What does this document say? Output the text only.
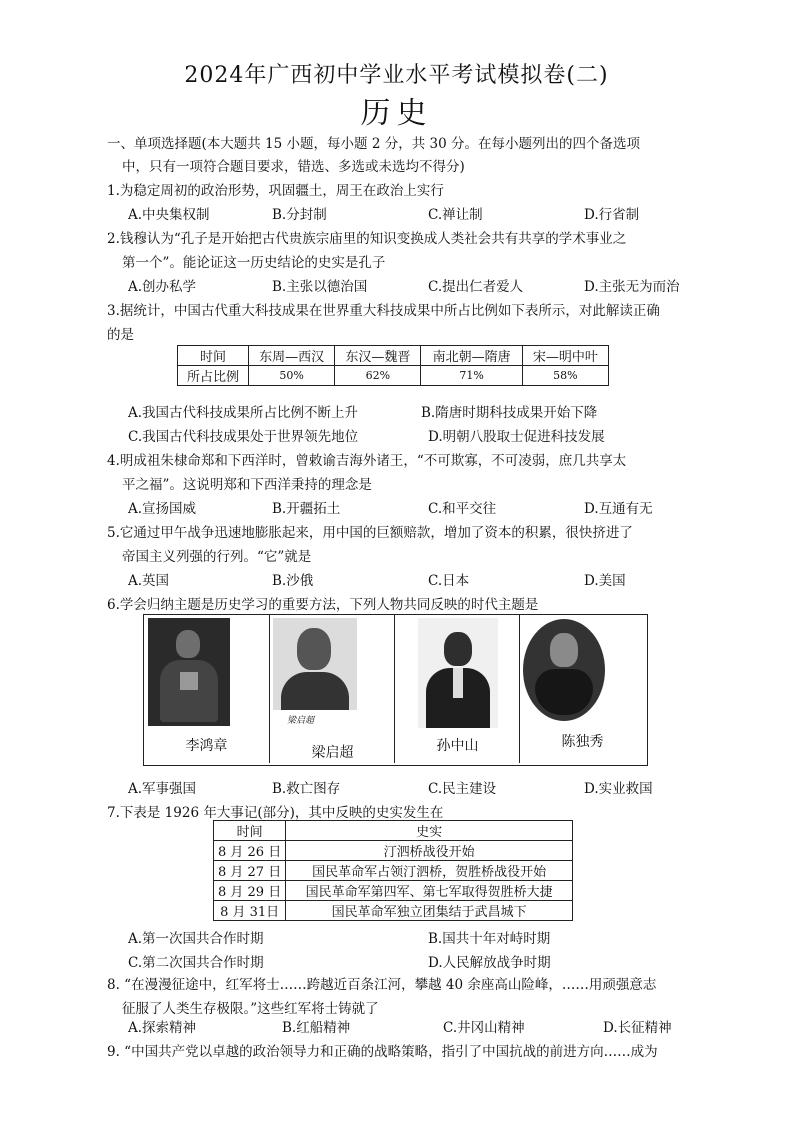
2024年广西初中学业水平考试模拟卷(二)
历史
一、单项选择题(本大题共 15 小题，每小题 2 分，共 30 分。在每小题列出的四个备选项
中，只有一项符合题目要求，错选、多选或未选均不得分)
1.为稳定周初的政治形势，巩固疆土，周王在政治上实行
A.中央集权制	B.分封制	C.禅让制	D.行省制
2.钱穆认为“孔子是开始把古代贵族宗庙里的知识变换成人类社会共有共享的学术事业之
第一个”。能论证这一历史结论的史实是孔子
A.创办私学	B.主张以德治国	C.提出仁者爱人	D.主张无为而治
3.据统计，中国古代重大科技成果在世界重大科技成果中所占比例如下表所示，对此解读正确
的是
时间	东周—西汉	东汉—魏晋	南北朝—隋唐	宋—明中叶
所占比例	50%	62%	71%	58%
A.我国古代科技成果所占比例不断上升	B.隋唐时期科技成果开始下降
C.我国古代科技成果处于世界领先地位	D.明朝八股取士促进科技发展
4.明成祖朱棣命郑和下西洋时，曾敕谕吉海外诸王，“不可欺寡，不可凌弱，庶几共享太
平之福”。这说明郑和下西洋秉持的理念是
A.宣扬国威	B.开疆拓土	C.和平交往	D.互通有无
5.它通过甲午战争迅速地膨胀起来，用中国的巨额赔款，增加了资本的积累，很快挤进了
帝国主义列强的行列。“它”就是
A.英国	B.沙俄	C.日本	D.美国
6.学会归纳主题是历史学习的重要方法，下列人物共同反映的时代主题是
梁启超
李鸿章	梁启超	孙中山	陈独秀
A.军事强国	B.救亡图存	C.民主建设	D.实业救国
7.下表是 1926 年大事记(部分)，其中反映的史实发生在
时间	史实
8 月 26 日	汀泗桥战役开始
8 月 27 日	国民革命军占领汀泗桥，贺胜桥战役开始
8 月 29 日	国民革命军第四军、第七军取得贺胜桥大捷
8 月 31日	国民革命军独立团集结于武昌城下
A.第一次国共合作时期	B.国共十年对峙时期
C.第二次国共合作时期	D.人民解放战争时期
8. “在漫漫征途中，红军将士……跨越近百条江河，攀越 40 余座高山险峰，……用顽强意志
征服了人类生存极限。”这些红军将士铸就了
A.探索精神	B.红船精神	C.井冈山精神	D.长征精神
9. “中国共产党以卓越的政治领导力和正确的战略策略，指引了中国抗战的前进方向……成为
